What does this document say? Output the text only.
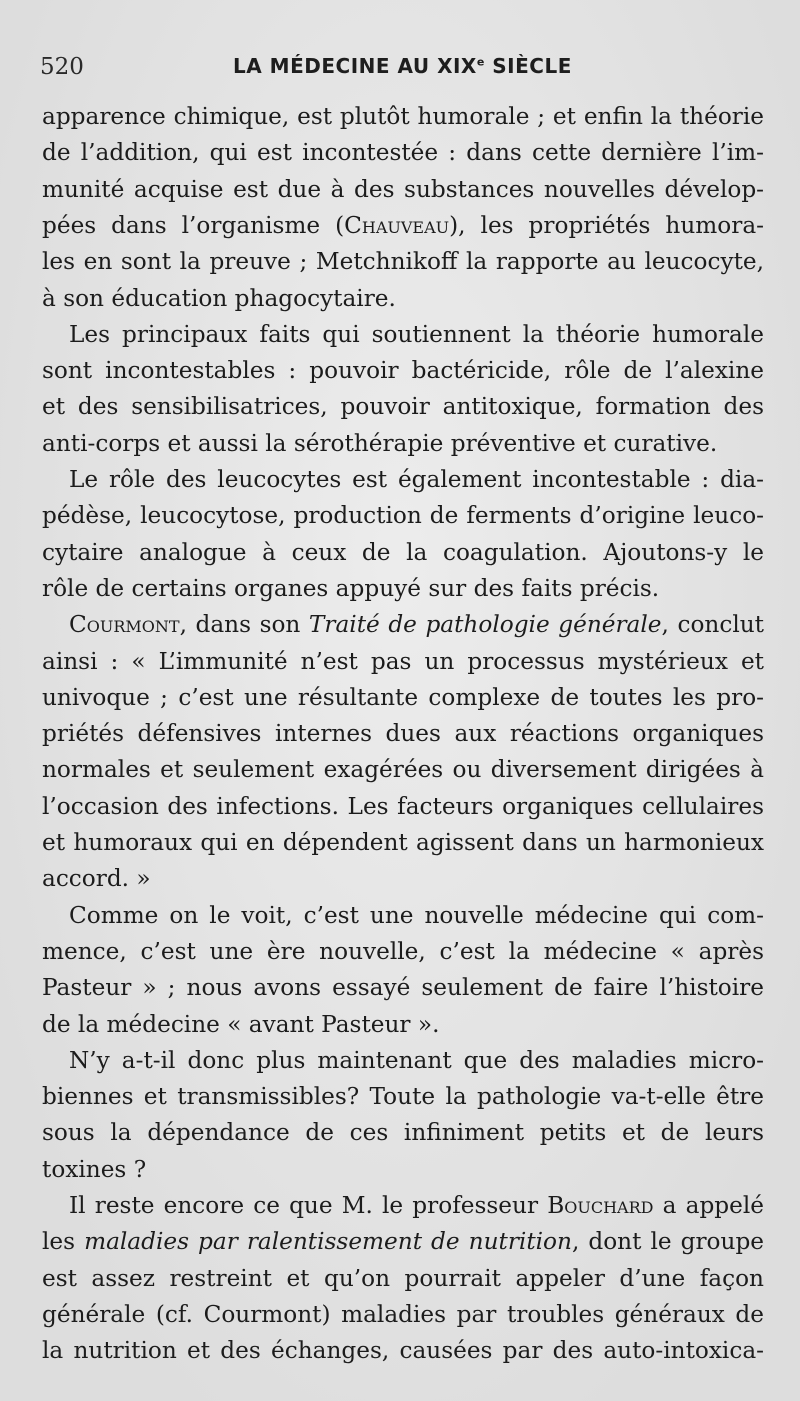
520	LA MÉDECINE AU XIXe SIÈCLE
apparence chimique, est plutôt humorale ; et enfin la théorie
de l’addition, qui est incontestée : dans cette dernière l’im-
munité acquise est due à des substances nouvelles dévelop-
pées dans l’organisme (Chauveau), les propriétés humora-
les en sont la preuve ; Metchnikoff la rapporte au leucocyte,
à son éducation phagocytaire.
Les principaux faits qui soutiennent la théorie humorale
sont incontestables : pouvoir bactéricide, rôle de l’alexine
et des sensibilisatrices, pouvoir antitoxique, formation des
anti-corps et aussi la sérothérapie préventive et curative.
Le rôle des leucocytes est également incontestable : dia-
pédèse, leucocytose, production de ferments d’origine leuco-
cytaire analogue à ceux de la coagulation. Ajoutons-y le
rôle de certains organes appuyé sur des faits précis.
Courmont, dans son Traité de pathologie générale, conclut
ainsi : « L’immunité n’est pas un processus mystérieux et
univoque ; c’est une résultante complexe de toutes les pro-
priétés défensives internes dues aux réactions organiques
normales et seulement exagérées ou diversement dirigées à
l’occasion des infections. Les facteurs organiques cellulaires
et humoraux qui en dépendent agissent dans un harmonieux
accord. »
Comme on le voit, c’est une nouvelle médecine qui com-
mence, c’est une ère nouvelle, c’est la médecine « après
Pasteur » ; nous avons essayé seulement de faire l’histoire
de la médecine « avant Pasteur ».
N’y a-t-il donc plus maintenant que des maladies micro-
biennes et transmissibles? Toute la pathologie va-t-elle être
sous la dépendance de ces infiniment petits et de leurs
toxines ?
Il reste encore ce que M. le professeur Bouchard a appelé
les maladies par ralentissement de nutrition, dont le groupe
est assez restreint et qu’on pourrait appeler d’une façon
générale (cf. Courmont) maladies par troubles généraux de
la nutrition et des échanges, causées par des auto-intoxica-
